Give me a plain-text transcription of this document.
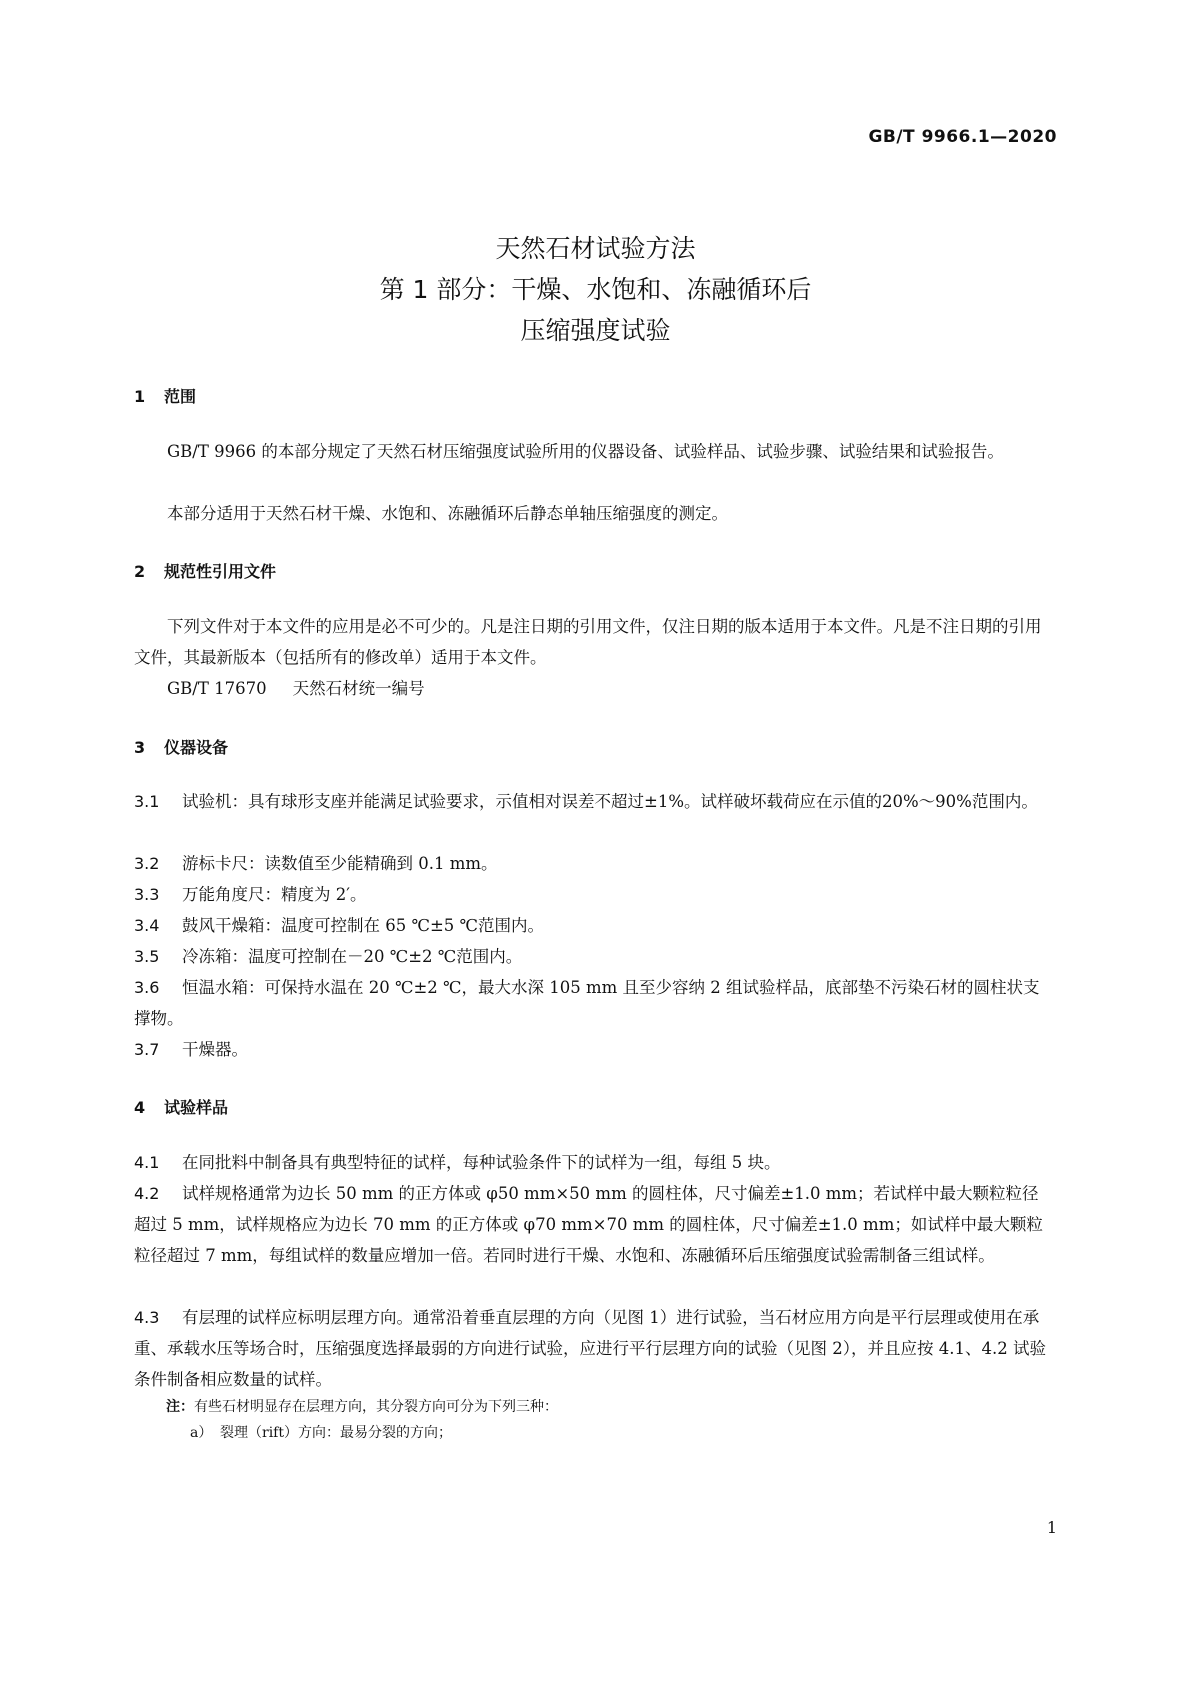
GB/T 9966.1—2020
天然石材试验方法
第 1 部分：干燥、水饱和、冻融循环后
压缩强度试验
1 范围
GB/T 9966 的本部分规定了天然石材压缩强度试验所用的仪器设备、试验样品、试验步骤、试验结果和试验报告。
本部分适用于天然石材干燥、水饱和、冻融循环后静态单轴压缩强度的测定。
2 规范性引用文件
下列文件对于本文件的应用是必不可少的。凡是注日期的引用文件，仅注日期的版本适用于本文件。凡是不注日期的引用文件，其最新版本（包括所有的修改单）适用于本文件。
GB/T 17670 天然石材统一编号
3 仪器设备
3.1 试验机：具有球形支座并能满足试验要求，示值相对误差不超过±1%。试样破坏载荷应在示值的20%～90%范围内。
3.2 游标卡尺：读数值至少能精确到 0.1 mm。
3.3 万能角度尺：精度为 2′。
3.4 鼓风干燥箱：温度可控制在 65 ℃±5 ℃范围内。
3.5 冷冻箱：温度可控制在－20 ℃±2 ℃范围内。
3.6 恒温水箱：可保持水温在 20 ℃±2 ℃，最大水深 105 mm 且至少容纳 2 组试验样品，底部垫不污染石材的圆柱状支撑物。
3.7 干燥器。
4 试验样品
4.1 在同批料中制备具有典型特征的试样，每种试验条件下的试样为一组，每组 5 块。
4.2 试样规格通常为边长 50 mm 的正方体或 φ50 mm×50 mm 的圆柱体，尺寸偏差±1.0 mm；若试样中最大颗粒粒径超过 5 mm，试样规格应为边长 70 mm 的正方体或 φ70 mm×70 mm 的圆柱体，尺寸偏差±1.0 mm；如试样中最大颗粒粒径超过 7 mm，每组试样的数量应增加一倍。若同时进行干燥、水饱和、冻融循环后压缩强度试验需制备三组试样。
4.3 有层理的试样应标明层理方向。通常沿着垂直层理的方向（见图 1）进行试验，当石材应用方向是平行层理或使用在承重、承载水压等场合时，压缩强度选择最弱的方向进行试验，应进行平行层理方向的试验（见图 2），并且应按 4.1、4.2 试验条件制备相应数量的试样。
注：有些石材明显存在层理方向，其分裂方向可分为下列三种：
a） 裂理（rift）方向：最易分裂的方向；
1
